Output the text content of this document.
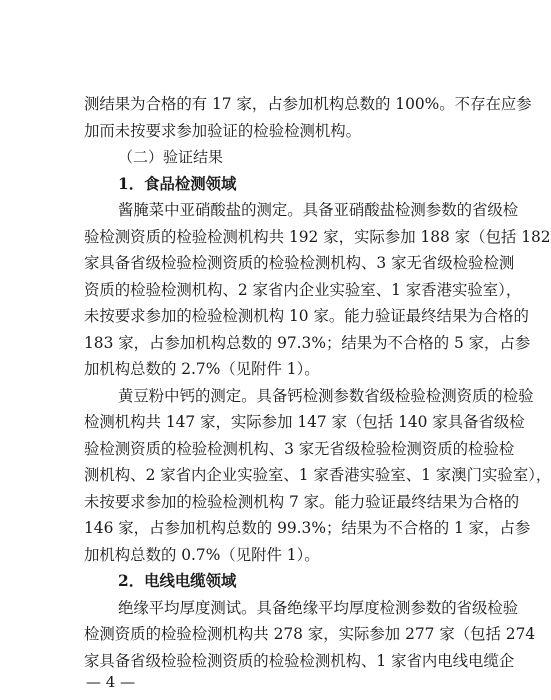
测结果为合格的有 17 家，占参加机构总数的 100%。不存在应参
加而未按要求参加验证的检验检测机构。
（二）验证结果
1．食品检测领域
酱腌菜中亚硝酸盐的测定。具备亚硝酸盐检测参数的省级检
验检测资质的检验检测机构共 192 家，实际参加 188 家（包括 182
家具备省级检验检测资质的检验检测机构、3 家无省级检验检测
资质的检验检测机构、2 家省内企业实验室、1 家香港实验室），
未按要求参加的检验检测机构 10 家。能力验证最终结果为合格的
183 家，占参加机构总数的 97.3%；结果为不合格的 5 家，占参
加机构总数的 2.7%（见附件 1）。
黄豆粉中钙的测定。具备钙检测参数省级检验检测资质的检验
检测机构共 147 家，实际参加 147 家（包括 140 家具备省级检
验检测资质的检验检测机构、3 家无省级检验检测资质的检验检
测机构、2 家省内企业实验室、1 家香港实验室、1 家澳门实验室），
未按要求参加的检验检测机构 7 家。能力验证最终结果为合格的
146 家，占参加机构总数的 99.3%；结果为不合格的 1 家，占参
加机构总数的 0.7%（见附件 1）。
2．电线电缆领域
绝缘平均厚度测试。具备绝缘平均厚度检测参数的省级检验
检测资质的检验检测机构共 278 家，实际参加 277 家（包括 274
家具备省级检验检测资质的检验检测机构、1 家省内电线电缆企
— 4 —
